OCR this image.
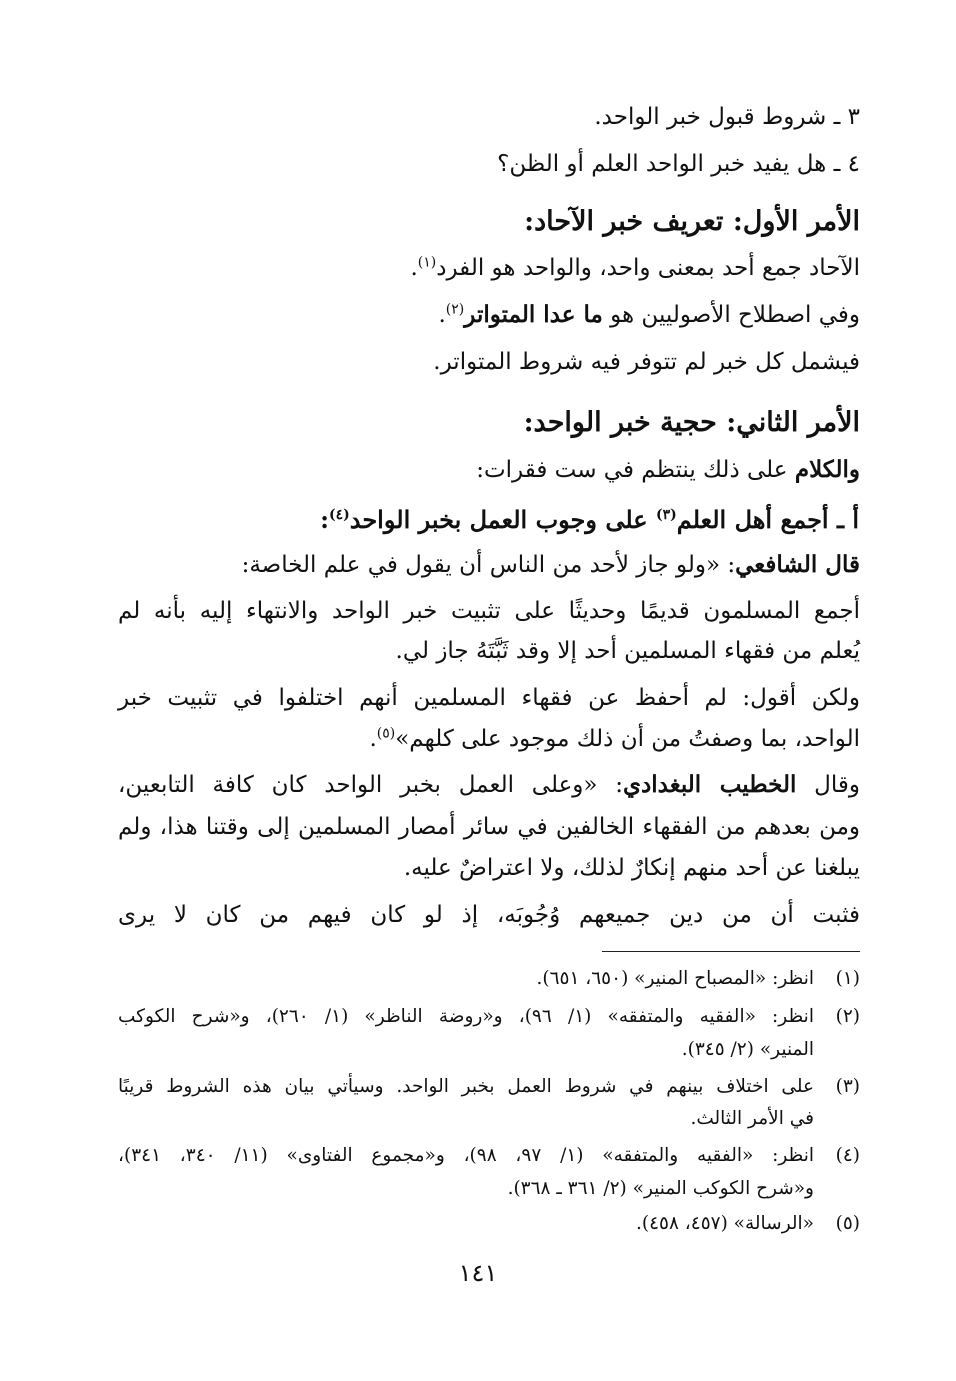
٣ ـ شروط قبول خبر الواحد.
٤ ـ هل يفيد خبر الواحد العلم أو الظن؟
الأمر الأول: تعريف خبر الآحاد:
الآحاد جمع أحد بمعنى واحد، والواحد هو الفرد$^{(١)}$.
وفي اصطلاح الأصوليين هو ما عدا المتواتر$^{(٢)}$.
فيشمل كل خبر لم تتوفر فيه شروط المتواتر.
الأمر الثاني: حجية خبر الواحد:
والكلام على ذلك ينتظم في ست فقرات:
أ ـ أجمع أهل العلم$^{(٣)}$ على وجوب العمل بخبر الواحد$^{(٤)}$:
قال الشافعي: «ولو جاز لأحد من الناس أن يقول في علم الخاصة:
أجمع المسلمون قديمًا وحديثًا على تثبيت خبر الواحد والانتهاء إليه بأنه لم
يُعلم من فقهاء المسلمين أحد إلا وقد ثَبَّتَهُ جاز لي.
ولكن أقول: لم أحفظ عن فقهاء المسلمين أنهم اختلفوا في تثبيت خبر
الواحد، بما وصفتُ من أن ذلك موجود على كلهم»$^{(٥)}$.
وقال الخطيب البغدادي: «وعلى العمل بخبر الواحد كان كافة التابعين،
ومن بعدهم من الفقهاء الخالفين في سائر أمصار المسلمين إلى وقتنا هذا، ولم
يبلغنا عن أحد منهم إنكارٌ لذلك، ولا اعتراضٌ عليه.
فثبت أن من دين جميعهم وُجُوبَه، إذ لو كان فيهم من كان لا يرى
(١)انظر: «المصباح المنير» (٦٥٠، ٦٥١).
(٢)انظر: «الفقيه والمتفقه» (١/ ٩٦)، و«روضة الناظر» (١/ ٢٦٠)، و«شرح الكوكب
المنير» (٢/ ٣٤٥).
(٣)على اختلاف بينهم في شروط العمل بخبر الواحد. وسيأتي بيان هذه الشروط قريبًا
في الأمر الثالث.
(٤)انظر: «الفقيه والمتفقه» (١/ ٩٧، ٩٨)، و«مجموع الفتاوى» (١١/ ٣٤٠، ٣٤١)،
و«شرح الكوكب المنير» (٢/ ٣٦١ ـ ٣٦٨).
(٥)«الرسالة» (٤٥٧، ٤٥٨).
١٤١
